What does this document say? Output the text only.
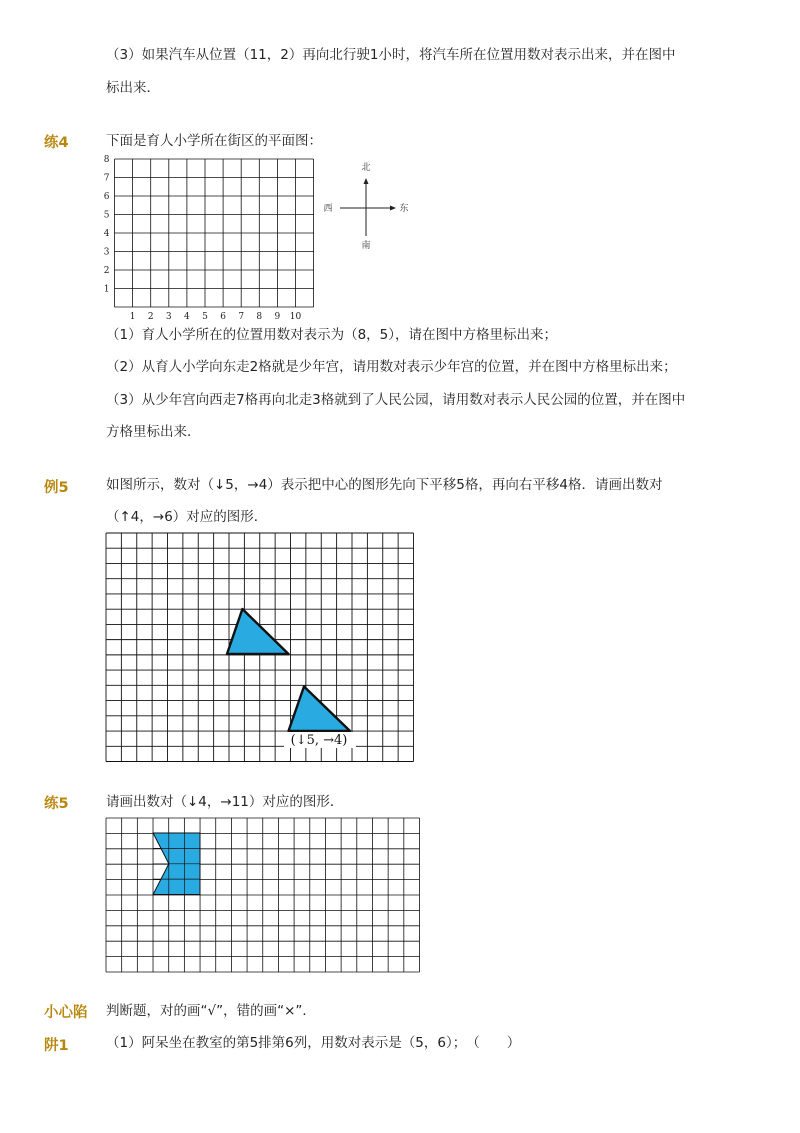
（3）如果汽车从位置（11，2）再向北行驶1小时，将汽车所在位置用数对表示出来，并在图中
标出来．
练4	下面是育人小学所在街区的平面图：
1 2 3 4 5 6 7 8 9 10
1
2
3
4
5
6
7
8
北
南
东
西
（1）育人小学所在的位置用数对表示为（8，5），请在图中方格里标出来；
（2）从育人小学向东走2格就是少年宫，请用数对表示少年宫的位置，并在图中方格里标出来；
（3）从少年宫向西走7格再向北走3格就到了人民公园，请用数对表示人民公园的位置，并在图中
方格里标出来．
例5	如图所示，数对（↓5，→4）表示把中心的图形先向下平移5格，再向右平移4格．请画出数对
（↑4，→6）对应的图形．
(↓5, →4)
练5	请画出数对（↓4，→11）对应的图形．
小心陷 判断题，对的画“√”，错的画“×”．
阱1	（1）阿呆坐在教室的第5排第6列，用数对表示是（5，6）；　（　　）
